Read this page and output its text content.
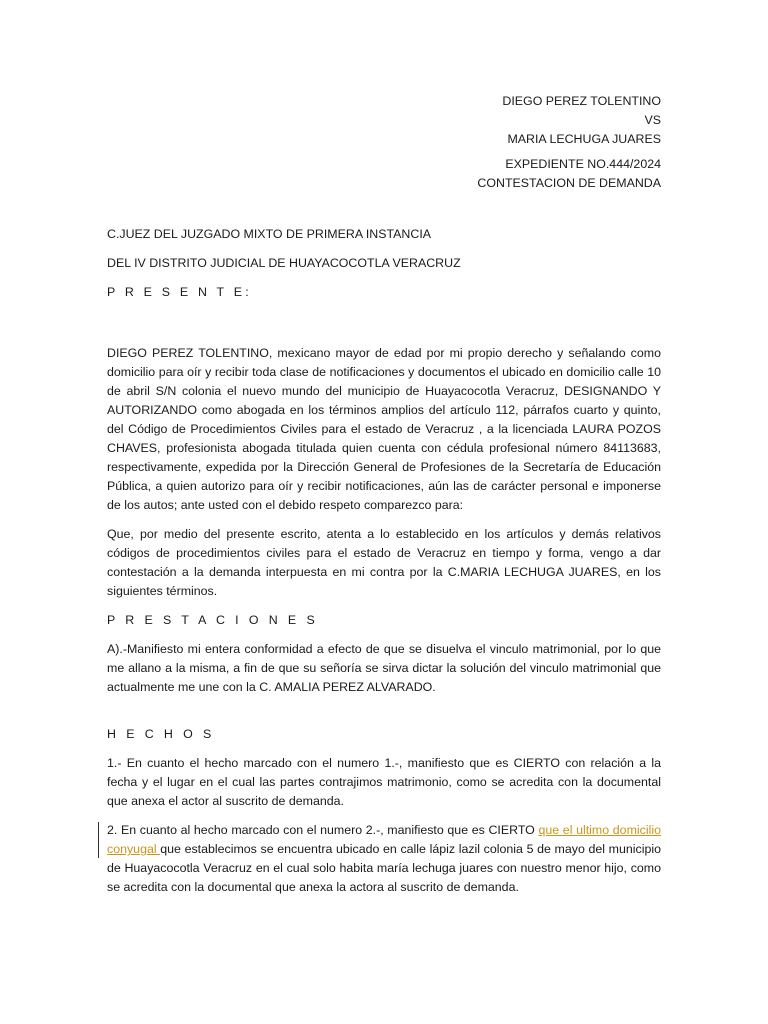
DIEGO PEREZ TOLENTINO
VS
MARIA LECHUGA JUARES
EXPEDIENTE NO.444/2024
CONTESTACION DE DEMANDA

C.JUEZ DEL JUZGADO MIXTO DE PRIMERA INSTANCIA

DEL IV DISTRITO JUDICIAL DE HUAYACOCOTLA VERACRUZ

P R E S E N T E:

DIEGO PEREZ TOLENTINO, mexicano mayor de edad por mi propio derecho y señalando como domicilio para oír y recibir toda clase de notificaciones y documentos el ubicado en domicilio calle 10 de abril S/N colonia el nuevo mundo del municipio de Huayacocotla Veracruz, DESIGNANDO Y AUTORIZANDO como abogada en los términos amplios del artículo 112, párrafos cuarto y quinto, del Código de Procedimientos Civiles para el estado de Veracruz , a la licenciada LAURA POZOS CHAVES, profesionista abogada titulada quien cuenta con cédula profesional número 84113683, respectivamente, expedida por la Dirección General de Profesiones de la Secretaría de Educación Pública, a quien autorizo para oír y recibir notificaciones, aún las de carácter personal e imponerse de los autos; ante usted con el debido respeto comparezco para:

Que, por medio del presente escrito, atenta a lo establecido en los artículos y demás relativos códigos de procedimientos civiles para el estado de Veracruz en tiempo y forma, vengo a dar contestación a la demanda interpuesta en mi contra por la C.MARIA LECHUGA JUARES, en los siguientes términos.

P R E S T A C I O N E S

A).-Manifiesto mi entera conformidad a efecto de que se disuelva el vinculo matrimonial, por lo que me allano a la misma, a fin de que su señoría se sirva dictar la solución del vinculo matrimonial que actualmente me une con la C. AMALIA PEREZ ALVARADO.

H E C H O S

1.- En cuanto el hecho marcado con el numero 1.-, manifiesto que es CIERTO con relación a la fecha y el lugar en el cual las partes contrajimos matrimonio, como se acredita con la documental que anexa el actor al suscrito de demanda.

2. En cuanto al hecho marcado con el numero 2.-, manifiesto que es CIERTO que el ultimo domicilio conyugal que establecimos se encuentra ubicado en calle lápiz lazil colonia 5 de mayo del municipio de Huayacocotla Veracruz en el cual solo habita maría lechuga juares con nuestro menor hijo, como se acredita con la documental que anexa la actora al suscrito de demanda.
